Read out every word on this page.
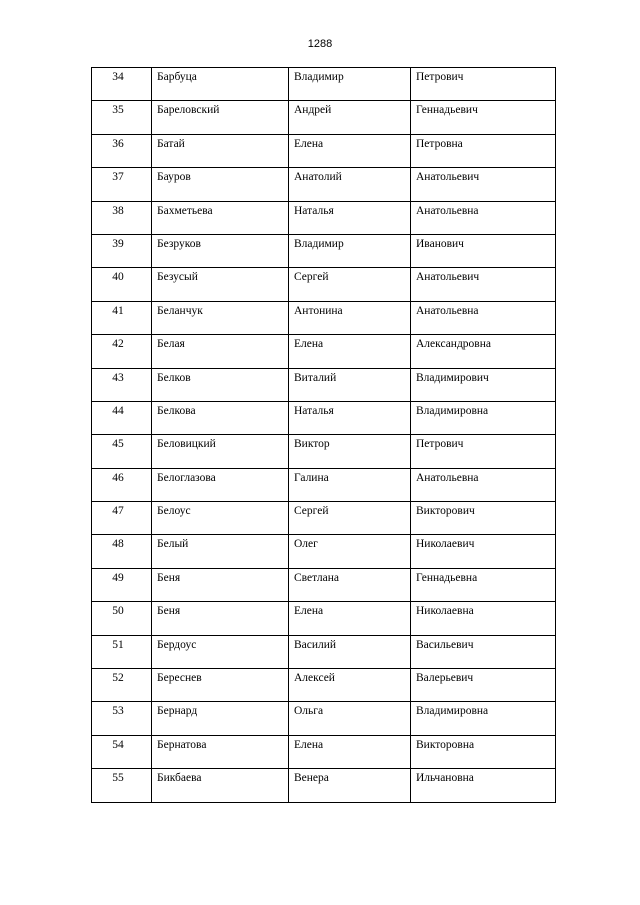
1288
34	Барбуца	Владимир	Петрович
35	Бареловский	Андрей	Геннадьевич
36	Батай	Елена	Петровна
37	Бауров	Анатолий	Анатольевич
38	Бахметьева	Наталья	Анатольевна
39	Безруков	Владимир	Иванович
40	Безусый	Сергей	Анатольевич
41	Беланчук	Антонина	Анатольевна
42	Белая	Елена	Александровна
43	Белков	Виталий	Владимирович
44	Белкова	Наталья	Владимировна
45	Беловицкий	Виктор	Петрович
46	Белоглазова	Галина	Анатольевна
47	Белоус	Сергей	Викторович
48	Белый	Олег	Николаевич
49	Беня	Светлана	Геннадьевна
50	Беня	Елена	Николаевна
51	Бердоус	Василий	Васильевич
52	Береснев	Алексей	Валерьевич
53	Бернард	Ольга	Владимировна
54	Бернатова	Елена	Викторовна
55	Бикбаева	Венера	Ильчановна
